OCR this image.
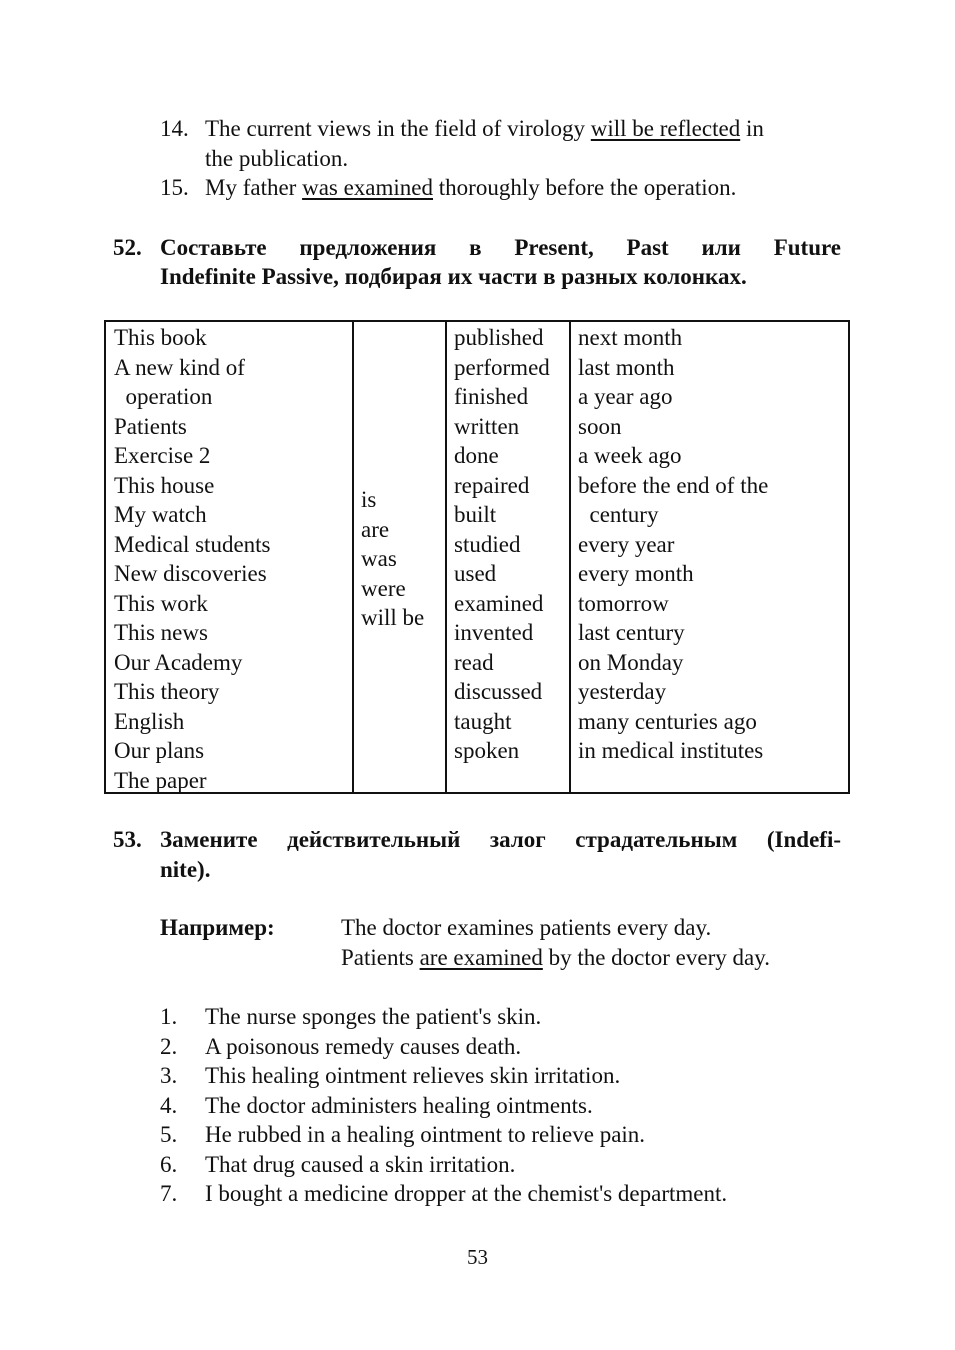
14. The current views in the field of virology will be reflected in
the publication.
15. My father was examined thoroughly before the operation.
52. Составьте предложения в Present, Past или Future
Indefinite Passive, подбирая их части в разных колонках.
This book
A new kind of
operation
Patients
Exercise 2
This house
My watch
Medical students
New discoveries
This work
This news
Our Academy
This theory
English
Our plans
The paper
is
are
was
were
will be
published
performed
finished
written
done
repaired
built
studied
used
examined
invented
read
discussed
taught
spoken
next month
last month
a year ago
soon
a week ago
before the end of the
century
every year
every month
tomorrow
last century
on Monday
yesterday
many centuries ago
in medical institutes
53. Замените действительный залог страдательным (Indefi-
nite).
Например:	The doctor examines patients every day.
Patients are examined by the doctor every day.
1. The nurse sponges the patient's skin.
2. A poisonous remedy causes death.
3. This healing ointment relieves skin irritation.
4. The doctor administers healing ointments.
5. He rubbed in a healing ointment to relieve pain.
6. That drug caused a skin irritation.
7. I bought a medicine dropper at the chemist's department.
53
